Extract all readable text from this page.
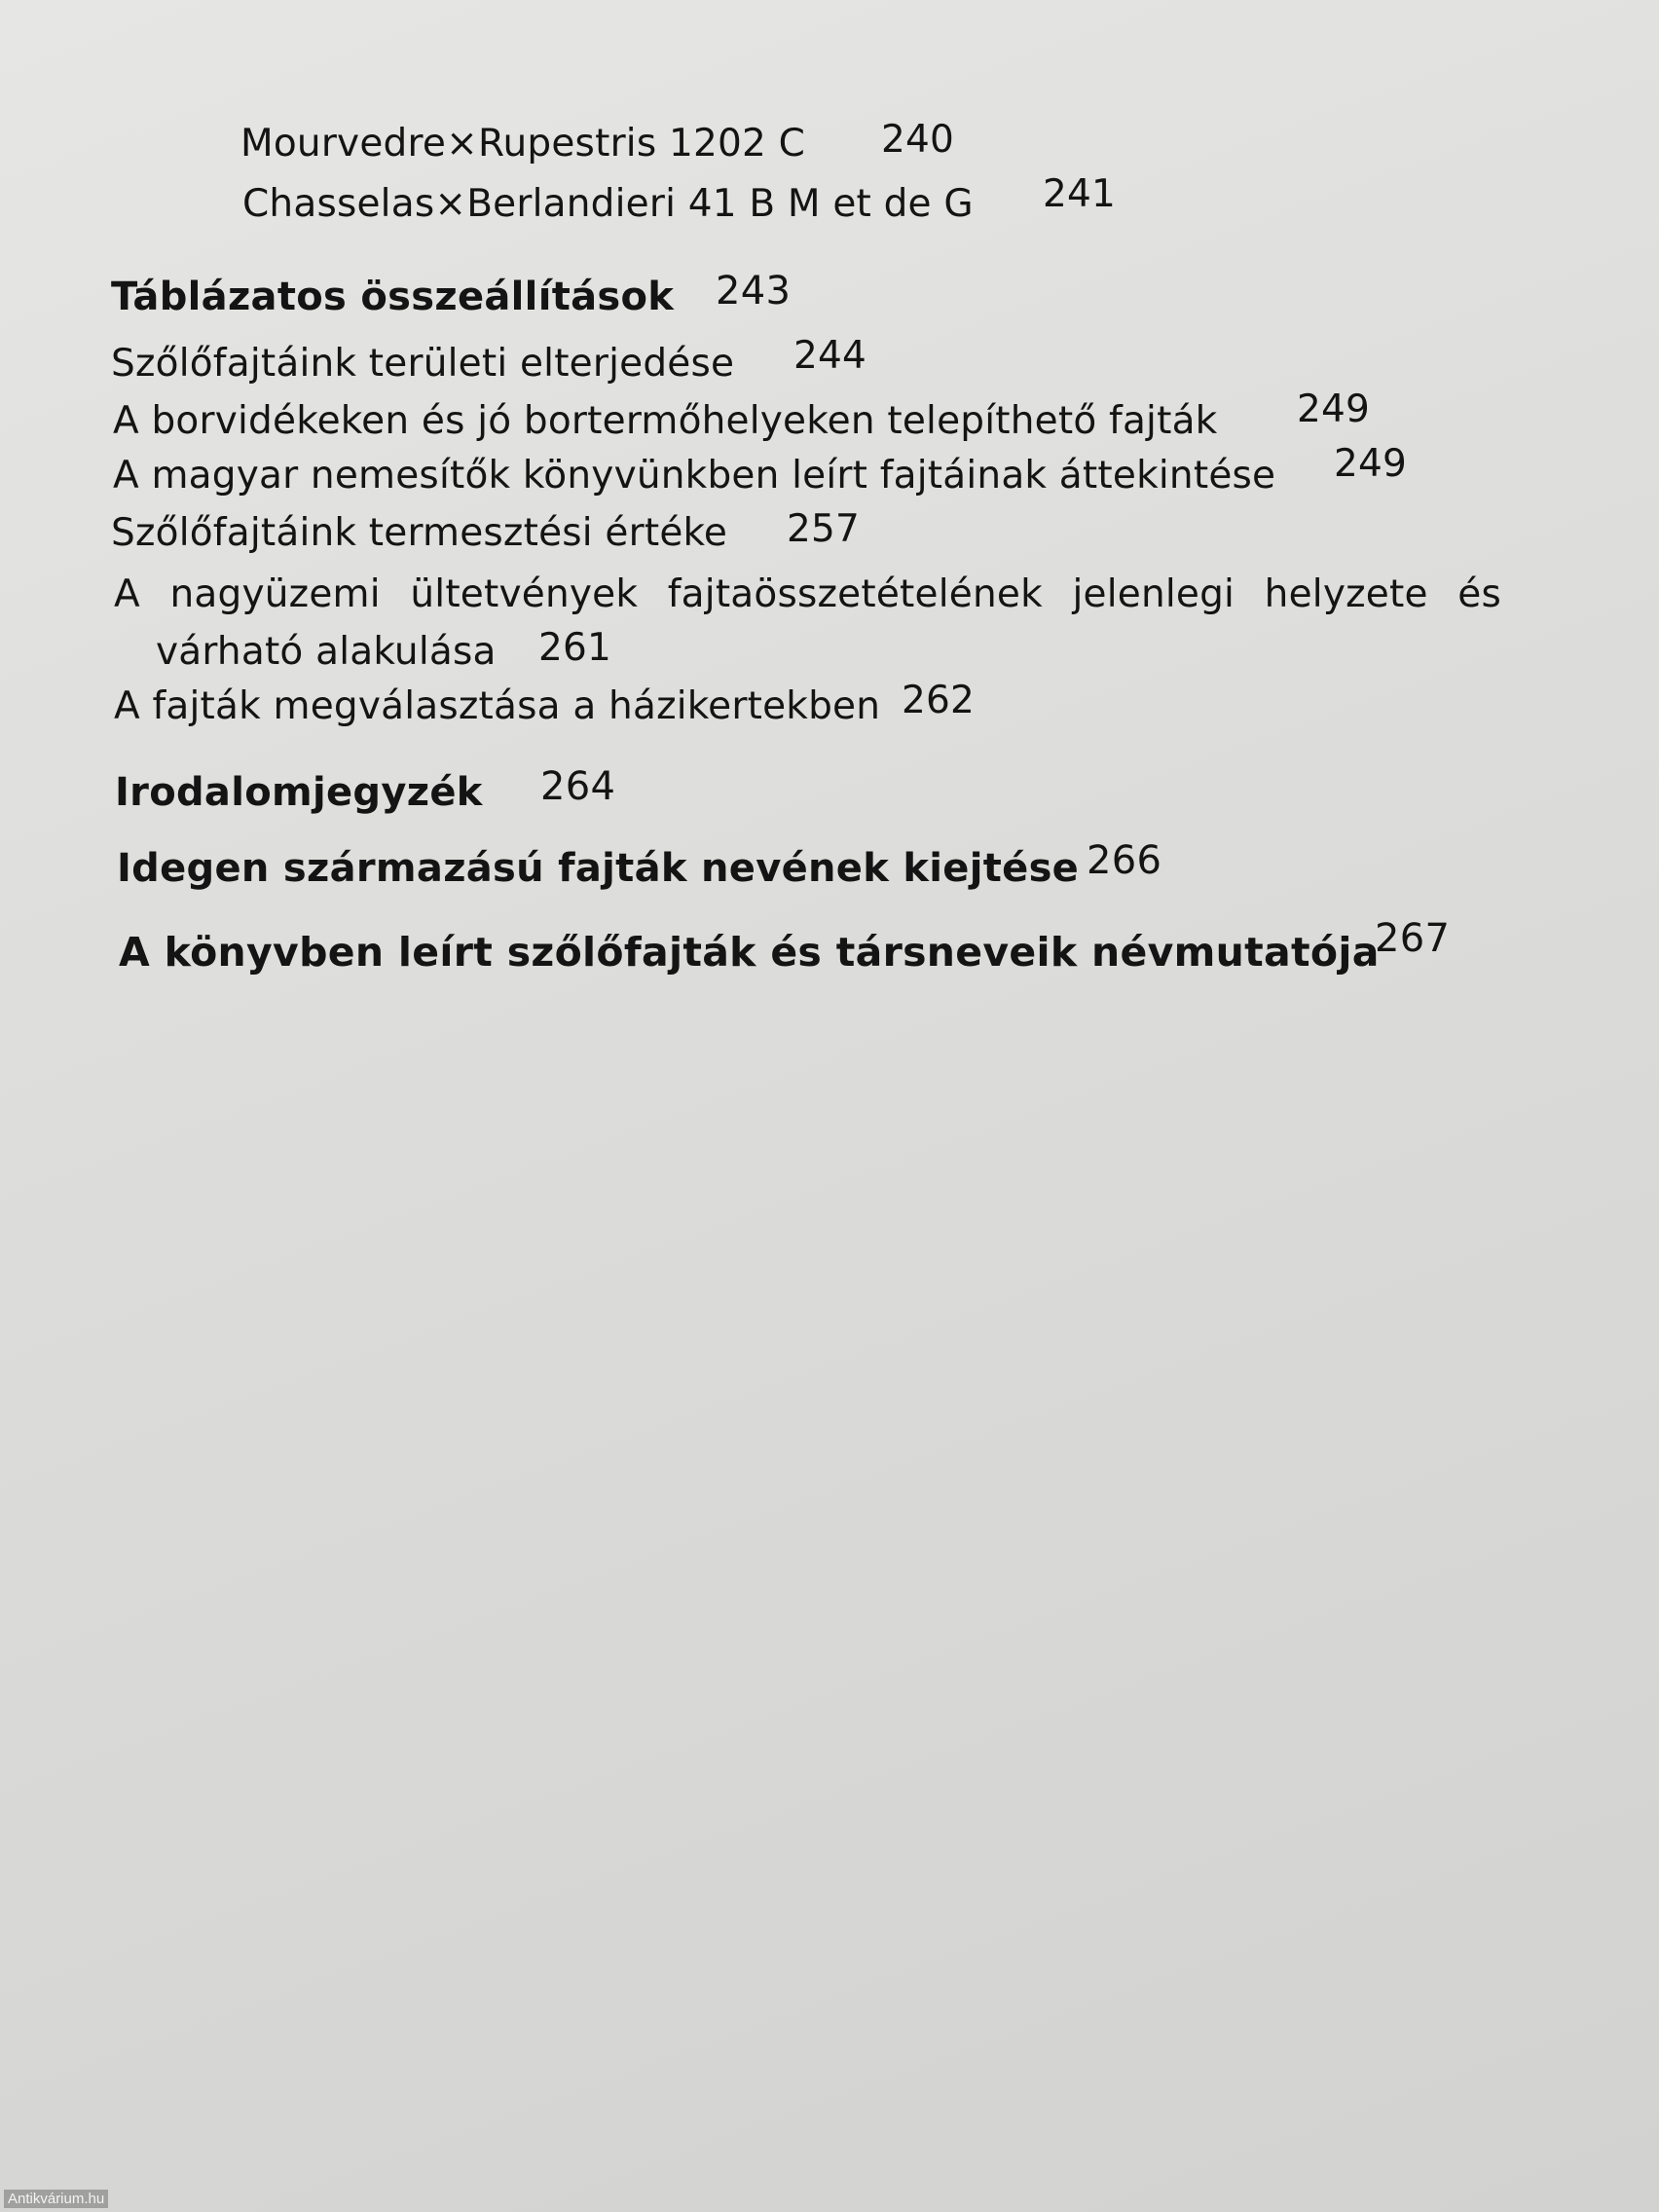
Mourvedre×Rupestris 1202 C 240
Chasselas×Berlandieri 41 B M et de G 241
Táblázatos összeállítások 243
Szőlőfajtáink területi elterjedése 244
A borvidékeken és jó bortermőhelyeken telepíthető fajták 249
A magyar nemesítők könyvünkben leírt fajtáinak áttekintése 249
Szőlőfajtáink termesztési értéke 257
A nagyüzemi ültetvények fajtaösszetételének jelenlegi helyzete és
várható alakulása 261
A fajták megválasztása a házikertekben 262
Irodalomjegyzék 264
Idegen származású fajták nevének kiejtése 266
A könyvben leírt szőlőfajták és társneveik névmutatója
267
Antikvárium.hu
